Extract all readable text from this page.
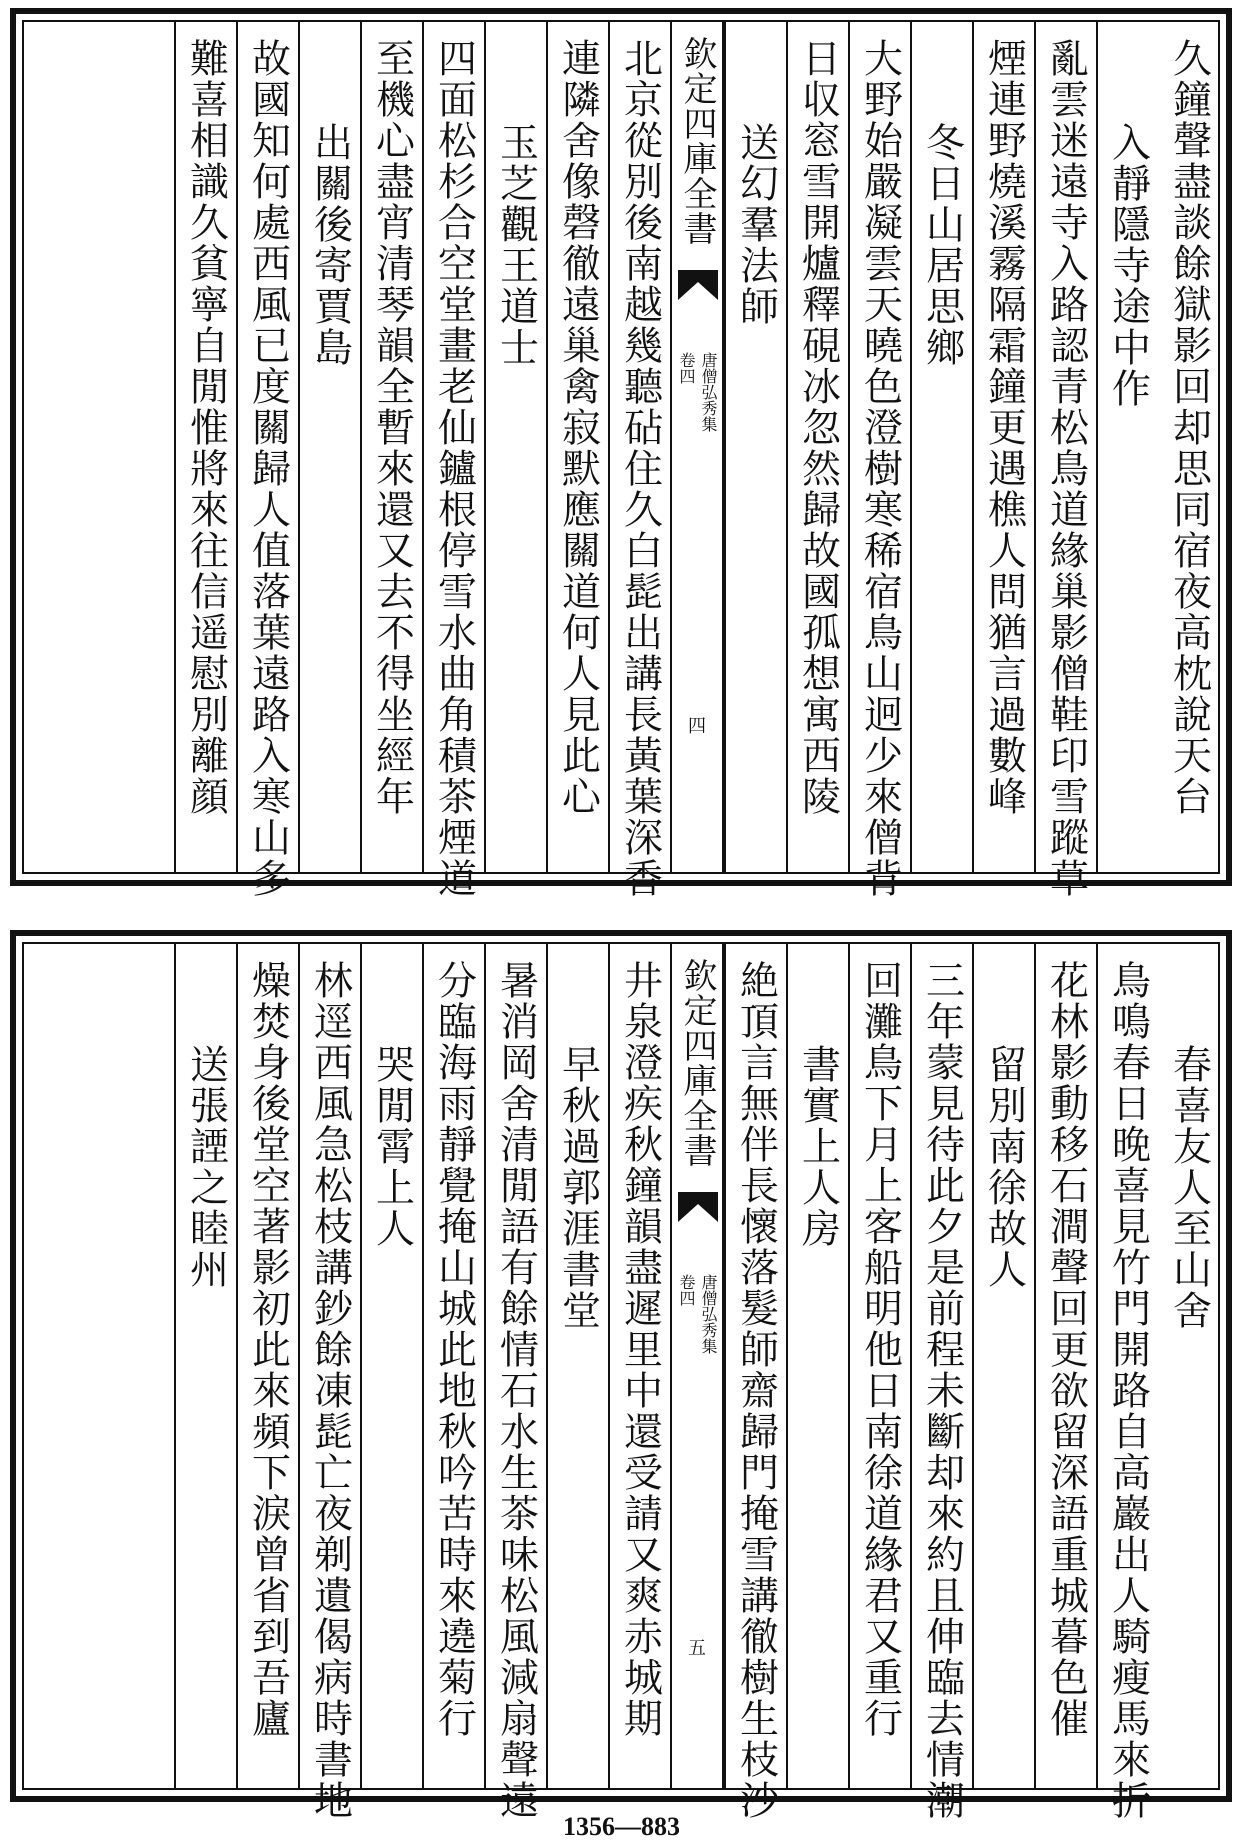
久鐘聲盡談餘獄影回却思同宿夜高枕說天台
入靜隱寺途中作
亂雲迷遠寺入路認青松鳥道緣巢影僧鞋印雪蹤草
煙連野燒溪霧隔霜鐘更遇樵人問猶言過數峰
冬日山居思鄉
大野始嚴凝雲天曉色澄樹寒稀宿鳥山迥少來僧背
日収窓雪開爐釋硯冰忽然歸故國孤想寓西陵
送幻羣法師
欽定四庫全書
唐僧弘秀集
卷四
四
北京從別後南越幾聽砧住久白髭出講長黃葉深香
連隣舍像磬徹遠巢禽寂默應關道何人見此心
玉芝觀王道士
四面松杉合空堂畫老仙鑪根停雪水曲角積茶煙道
至機心盡宵清琴韻全暫來還又去不得坐經年
出關後寄賈島
故國知何處西風已度關歸人值落葉遠路入寒山多
難喜相識久貧寧自閒惟將來往信遥慰別離顔
春喜友人至山舍
鳥鳴春日晚喜見竹門開路自高巖出人騎瘦馬來折
花林影動移石澗聲回更欲留深語重城暮色催
留別南徐故人
三年蒙見待此夕是前程未斷却來約且伸臨去情潮
回灘鳥下月上客船明他日南徐道緣君又重行
書實上人房
絶頂言無伴長懷落髮師齋歸門掩雪講徹樹生枝沙
欽定四庫全書
唐僧弘秀集
卷四
五
井泉澄疾秋鐘韻盡遲里中還受請又爽赤城期
早秋過郭涯書堂
暑消岡舍清閒語有餘情石水生茶味松風減扇聲遠
分臨海雨靜覺掩山城此地秋吟苦時來遶菊行
哭閒霄上人
林逕西風急松枝講鈔餘凍髭亡夜剃遺偈病時書地
燥焚身後堂空著影初此來頻下淚曾省到吾廬
送張諲之睦州
1356—883
